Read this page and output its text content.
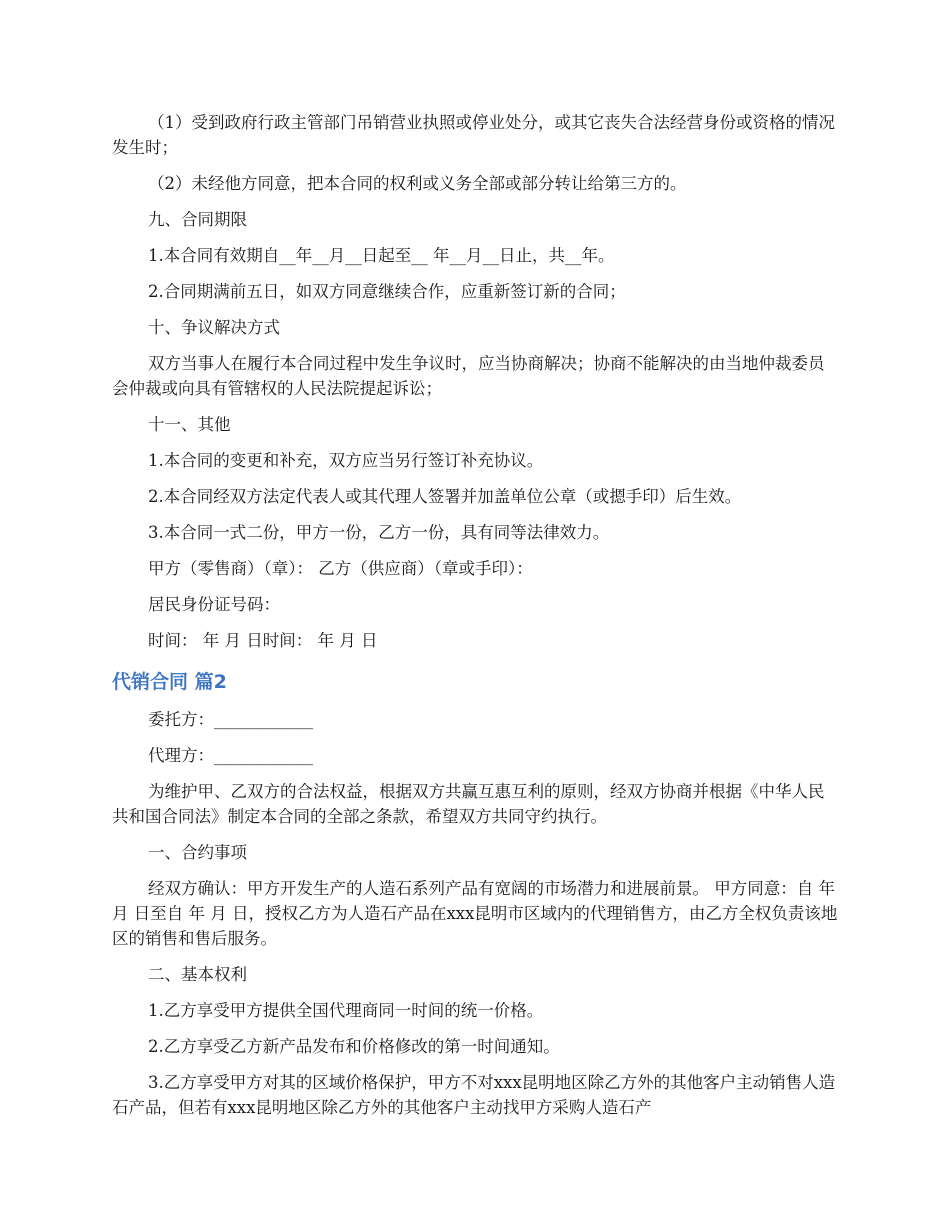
（1）受到政府行政主管部门吊销营业执照或停业处分，或其它丧失合法经营身份或资格的情况发生时；

（2）未经他方同意，把本合同的权利或义务全部或部分转让给第三方的。

九、合同期限

1.本合同有效期自__年__月__日起至__ 年__月__日止，共__年。

2.合同期满前五日，如双方同意继续合作，应重新签订新的合同；

十、争议解决方式

双方当事人在履行本合同过程中发生争议时，应当协商解决；协商不能解决的由当地仲裁委员会仲裁或向具有管辖权的人民法院提起诉讼；

十一、其他

1.本合同的变更和补充，双方应当另行签订补充协议。

2.本合同经双方法定代表人或其代理人签署并加盖单位公章（或摁手印）后生效。

3.本合同一式二份，甲方一份，乙方一份，具有同等法律效力。

甲方（零售商）（章）： 乙方（供应商）（章或手印）：

居民身份证号码：

时间： 年 月 日时间： 年 月 日

代销合同 篇2

委托方：____________

代理方：____________

为维护甲、乙双方的合法权益，根据双方共赢互惠互利的原则，经双方协商并根据《中华人民共和国合同法》制定本合同的全部之条款，希望双方共同守约执行。

一、合约事项

经双方确认：甲方开发生产的人造石系列产品有宽阔的市场潜力和进展前景。 甲方同意：自 年 月 日至自 年 月 日，授权乙方为人造石产品在xxx昆明市区域内的代理销售方，由乙方全权负责该地区的销售和售后服务。

二、基本权利

1.乙方享受甲方提供全国代理商同一时间的统一价格。

2.乙方享受乙方新产品发布和价格修改的第一时间通知。

3.乙方享受甲方对其的区域价格保护，甲方不对xxx昆明地区除乙方外的其他客户主动销售人造石产品，但若有xxx昆明地区除乙方外的其他客户主动找甲方采购人造石产
